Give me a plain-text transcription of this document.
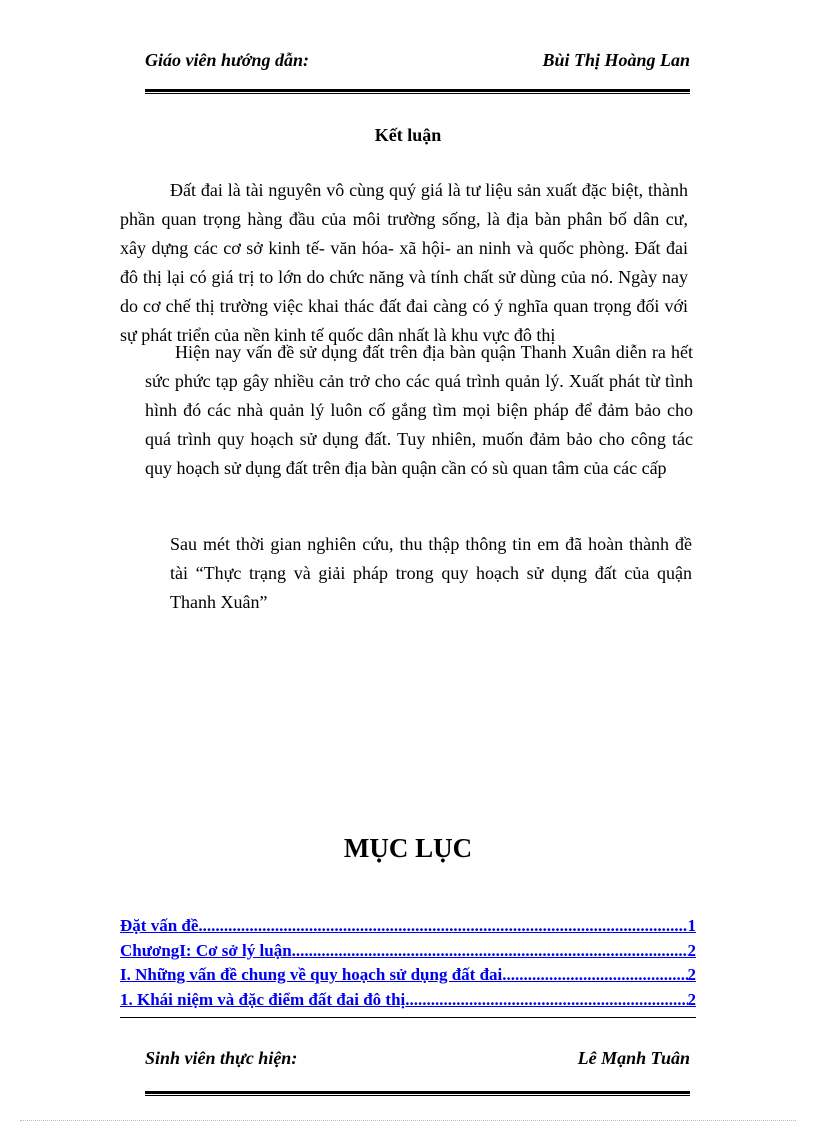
Giáo viên hướng dẫn:	Bùi Thị Hoàng Lan
Kết luận

Đất đai là tài nguyên vô cùng quý giá là tư liệu sản xuất đặc biệt, thành phần quan trọng hàng đầu của môi trường sống, là địa bàn phân bố dân cư, xây dựng các cơ sở kinh tế- văn hóa- xã hội- an ninh và quốc phòng. Đất đai đô thị lại có giá trị to lớn do chức năng và tính chất sử dùng của nó. Ngày nay do cơ chế thị trường việc khai thác đất đai càng có ý nghĩa quan trọng đối với sự phát triển của nền kinh tế quốc dân nhất là khu vực đô thị

Hiện nay vấn đề sử dụng đất trên địa bàn quận Thanh Xuân diễn ra hết sức phức tạp gây nhiều cản trở cho các quá trình quản lý. Xuất phát từ tình hình đó các nhà quản lý luôn cố gắng tìm mọi biện pháp để đảm bảo cho quá trình quy hoạch sử dụng đất. Tuy nhiên, muốn đảm bảo cho công tác quy hoạch sử dụng đất trên địa bàn quận cần có sù quan tâm của các cấp

Sau mét thời gian nghiên cứu, thu thập thông tin em đã hoàn thành đề tài “Thực trạng và giải pháp trong quy hoạch sử dụng đất của quận Thanh Xuân”

MỤC LỤC
Đặt vấn đề .....	1
ChươngI: Cơ sở lý luận .....	2
I. Những vấn đề chung về quy hoạch sử dụng đất đai .....	2
1. Khái niệm và đặc điểm đất đai đô thị .....	2
Sinh viên thực hiện:	Lê Mạnh Tuân
